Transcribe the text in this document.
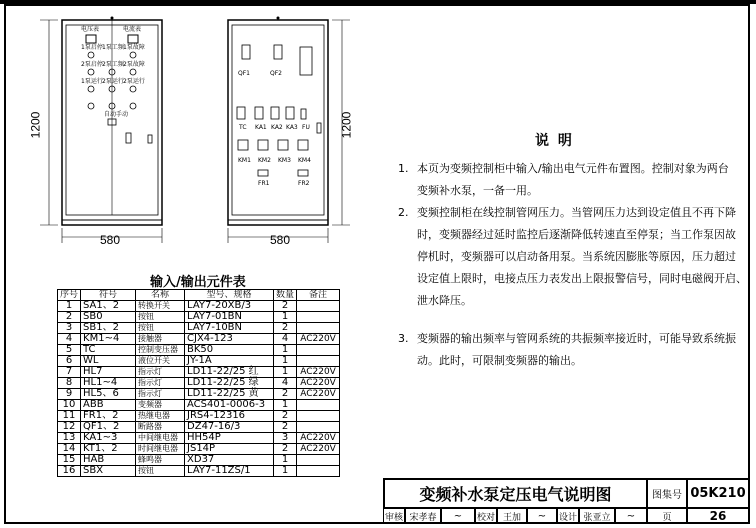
电压表	电流表
1泵启停 1泵工频 1泵故障
2泵启停 2泵工频 2泵故障
1泵运行 2泵运行 2泵运行
自动手动
1200
580
QF1	QF2
TC KA1 KA2 KA3 FU
KM1 KM2 KM3 KM4
FR1	FR2
1200
580
输入/输出元件表
序号	符号	名称	型号、规格	数量	备注
1	SA1、2	转换开关	LAY7-20XB/3	2	
2	SB0	按钮	LAY7-01BN	1	
3	SB1、2	按钮	LAY7-10BN	2	
4	KM1~4	接触器	CJX4-123	4	AC220V
5	TC	控制变压器	BK50	1	
6	WL	液位开关	JY-1A	1	
7	HL7	指示灯	LD11-22/25 红	1	AC220V
8	HL1~4	指示灯	LD11-22/25 绿	4	AC220V
9	HL5、6	指示灯	LD11-22/25 黄	2	AC220V
10	ABB	变频器	ACS401-0006-3	1	
11	FR1、2	热继电器	JRS4-12316	2	
12	QF1、2	断路器	DZ47-16/3	2	
13	KA1~3	中间继电器	HH54P	3	AC220V
14	KT1、2	时间继电器	JS14P	2	AC220V
15	HAB	蜂鸣器	XD37	1	
16	SBX	按钮	LAY7-11ZS/1	1	
说 明
1. 本页为变频控制柜中输入/输出电气元件布置图。控制对象为两台
变频补水泵，一备一用。
2. 变频控制柜在线控制管网压力。当管网压力达到设定值且不再下降
时，变频器经过延时监控后逐渐降低转速直至停泵；当工作泵因故
停机时，变频器可以启动备用泵。当系统因膨胀等原因，压力超过
设定值上限时，电接点压力表发出上限报警信号，同时电磁阀开启、
泄水降压。
3. 变频器的输出频率与管网系统的共振频率接近时，可能导致系统振
动。此时，可限制变频器的输出。
变频补水泵定压电气说明图	图集号 05K210
审核 宋孝春	~	校对 王加	~	设计 张亚立	~	页	26
